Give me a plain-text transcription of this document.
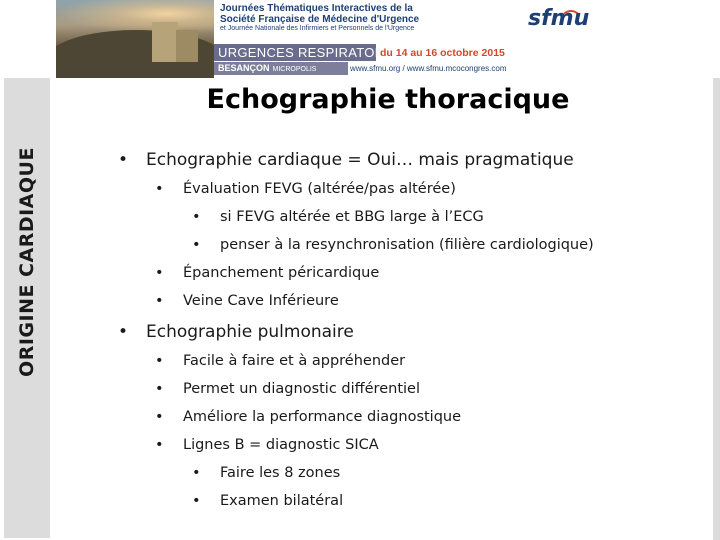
ORIGINE CARDIAQUE
Journées Thématiques Interactives de la
Société Française de Médecine d'Urgence
et Journée Nationale des Infirmiers et Personnels de l'Urgence
URGENCES RESPIRATOIRES
du 14 au 16 octobre 2015
BESANÇON MICROPOLIS	www.sfmu.org / www.sfmu.mcocongres.com
sfmu
Echographie thoracique
• Echographie cardiaque = Oui… mais pragmatique
• Évaluation FEVG (altérée/pas altérée)
• si FEVG altérée et BBG large à l’ECG
• penser à la resynchronisation (filière cardiologique)
• Épanchement péricardique
• Veine Cave Inférieure
• Echographie pulmonaire
• Facile à faire et à appréhender
• Permet un diagnostic différentiel
• Améliore la performance diagnostique
• Lignes B = diagnostic SICA
• Faire les 8 zones
• Examen bilatéral
